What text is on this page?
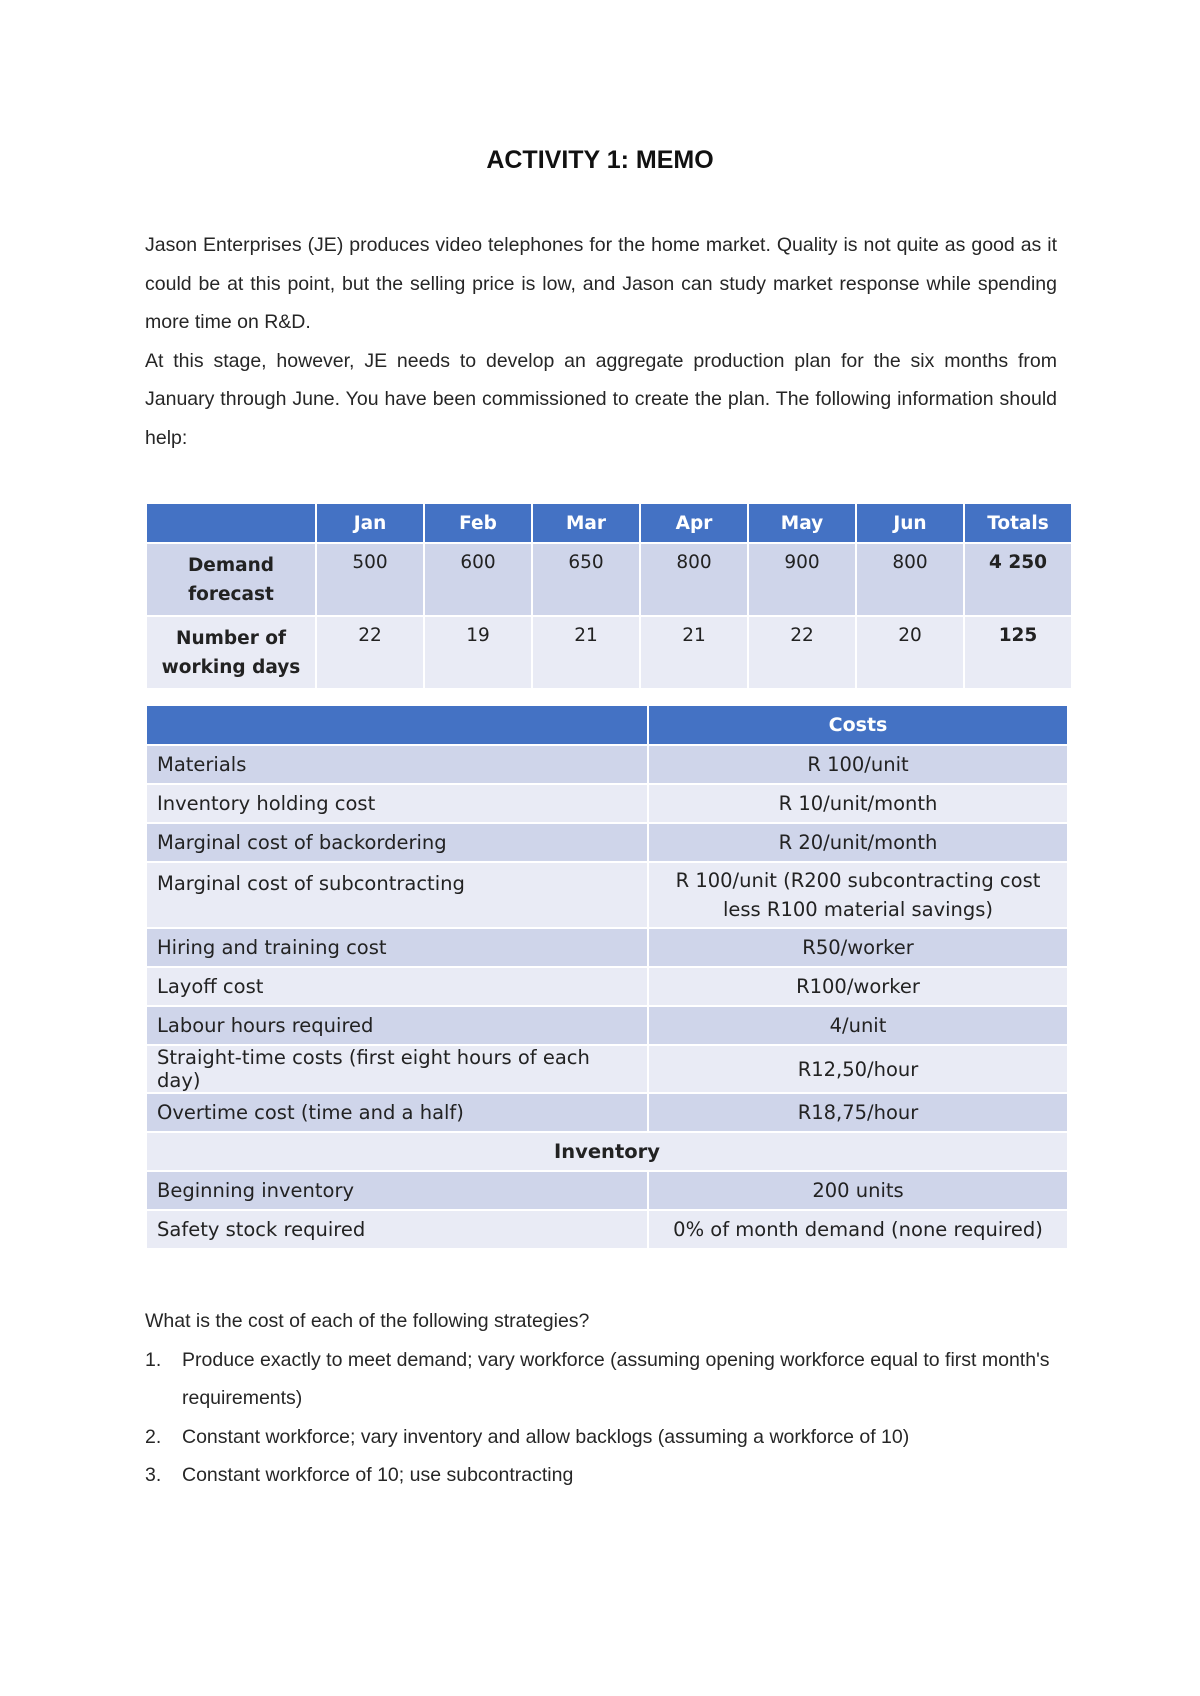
ACTIVITY 1: MEMO

Jason Enterprises (JE) produces video telephones for the home market. Quality is not quite as good as it could be at this point, but the selling price is low, and Jason can study market response while spending more time on R&D.

At this stage, however, JE needs to develop an aggregate production plan for the six months from January through June. You have been commissioned to create the plan. The following information should help:

	Jan	Feb	Mar	Apr	May	Jun	Totals
Demand forecast	500	600	650	800	900	800	4 250
Number of working days	22	19	21	21	22	20	125
	Costs
Materials	R 100/unit
Inventory holding cost	R 10/unit/month
Marginal cost of backordering	R 20/unit/month
Marginal cost of subcontracting	R 100/unit (R200 subcontracting cost less R100 material savings)
Hiring and training cost	R50/worker
Layoff cost	R100/worker
Labour hours required	4/unit
Straight-time costs (first eight hours of each day)	R12,50/hour
Overtime cost (time and a half)	R18,75/hour
Inventory	
Beginning inventory	200 units
Safety stock required	0% of month demand (none required)
What is the cost of each of the following strategies?
1. Produce exactly to meet demand; vary workforce (assuming opening workforce equal to first month's requirements)
2. Constant workforce; vary inventory and allow backlogs (assuming a workforce of 10)
3. Constant workforce of 10; use subcontracting
